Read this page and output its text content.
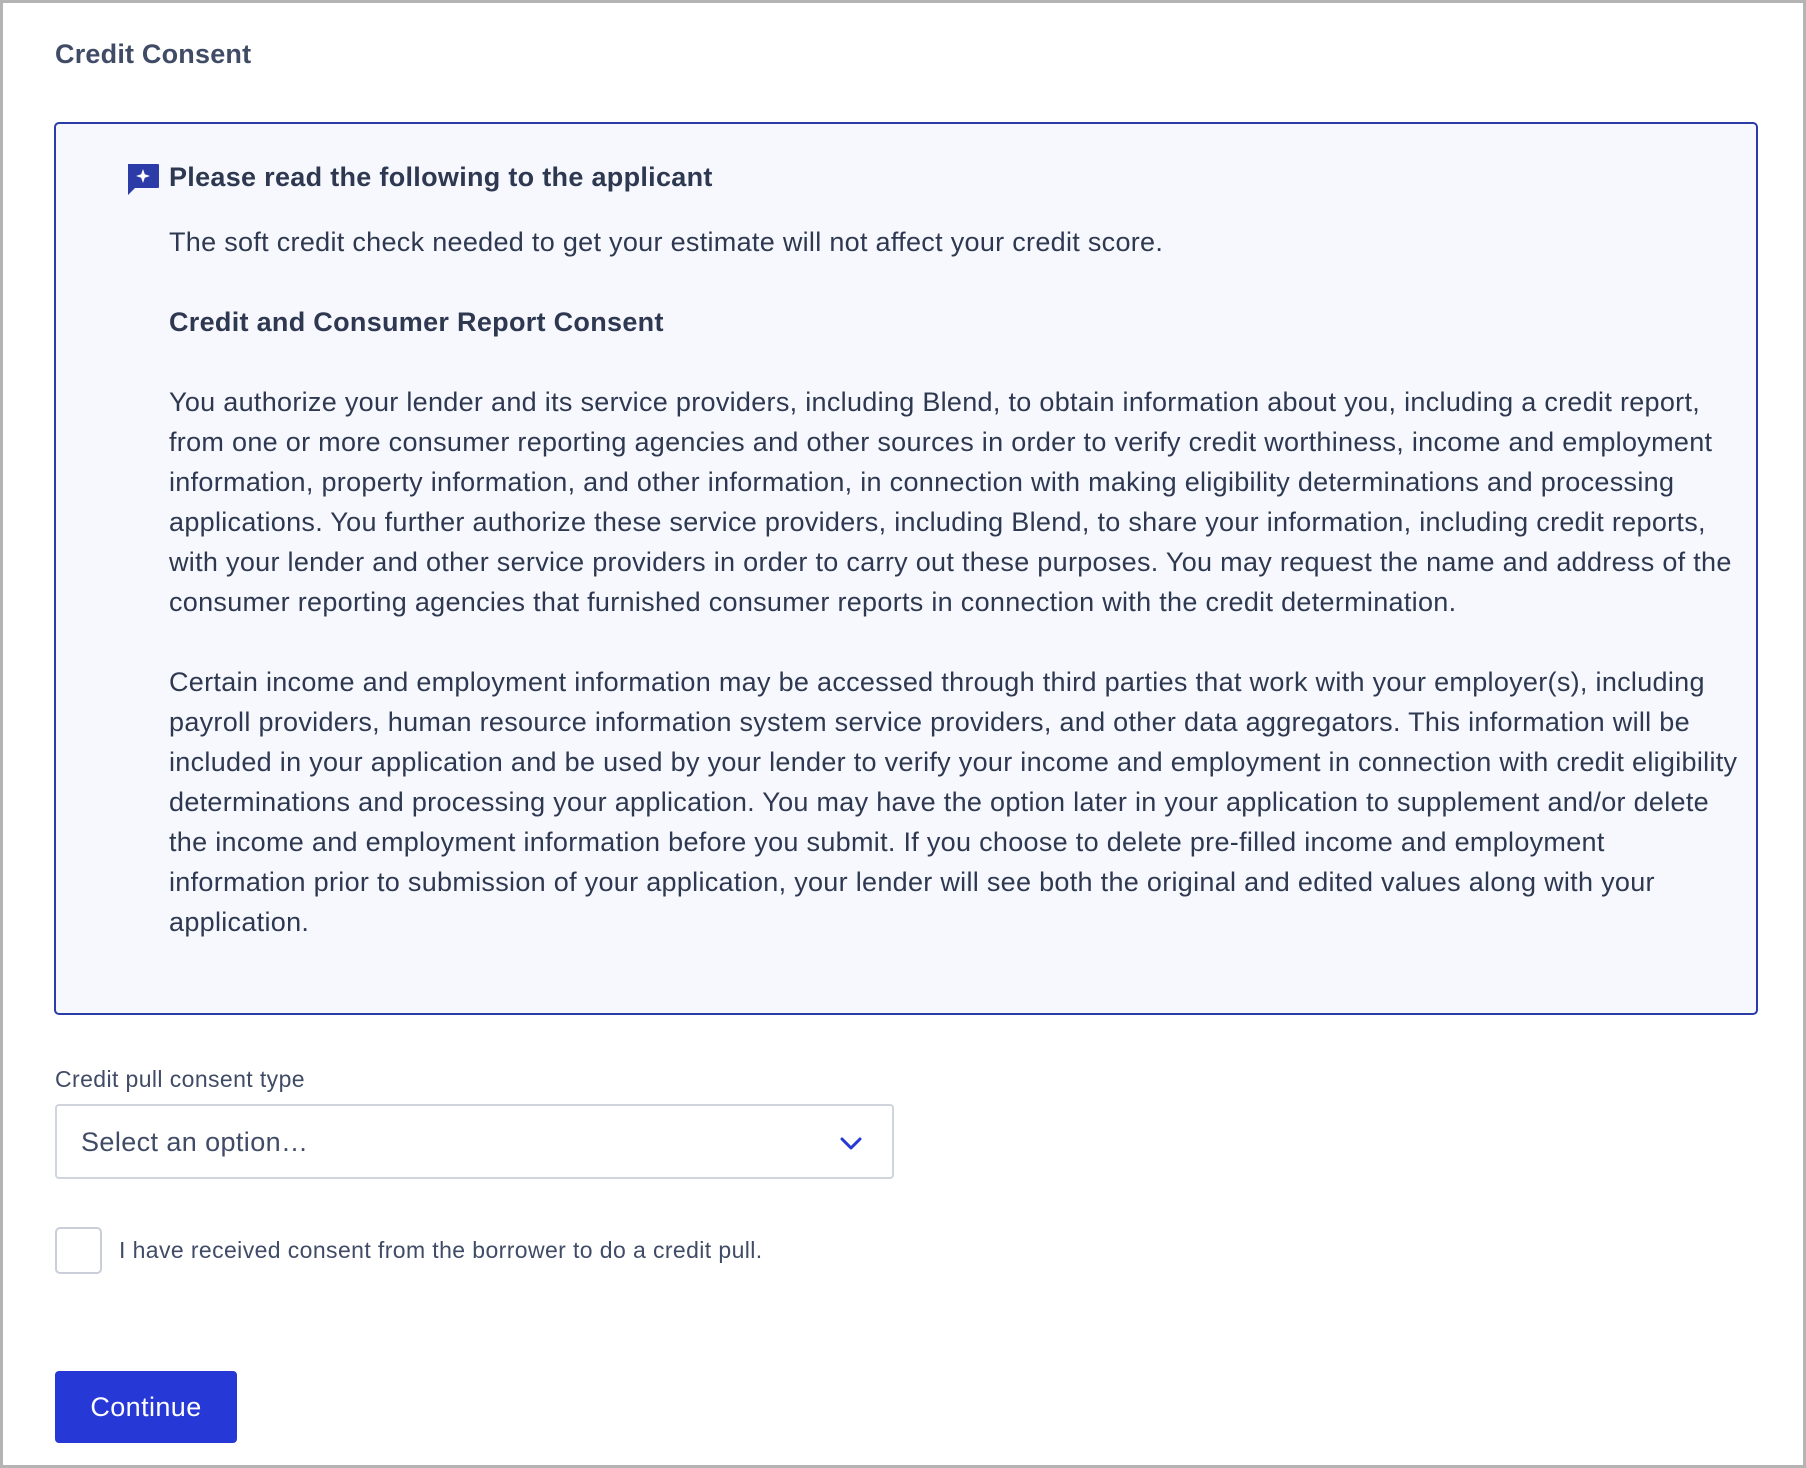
Credit Consent
Please read the following to the applicant

The soft credit check needed to get your estimate will not affect your credit score.

Credit and Consumer Report Consent

You authorize your lender and its service providers, including Blend, to obtain information about you, including a credit report, from one or more consumer reporting agencies and other sources in order to verify credit worthiness, income and employment information, property information, and other information, in connection with making eligibility determinations and processing applications. You further authorize these service providers, including Blend, to share your information, including credit reports, with your lender and other service providers in order to carry out these purposes. You may request the name and address of the consumer reporting agencies that furnished consumer reports in connection with the credit determination.

Certain income and employment information may be accessed through third parties that work with your employer(s), including payroll providers, human resource information system service providers, and other data aggregators. This information will be included in your application and be used by your lender to verify your income and employment in connection with credit eligibility determinations and processing your application. You may have the option later in your application to supplement and/or delete the income and employment information before you submit. If you choose to delete pre-filled income and employment information prior to submission of your application, your lender will see both the original and edited values along with your application.

Credit pull consent type
Select an option…
I have received consent from the borrower to do a credit pull.
Continue
